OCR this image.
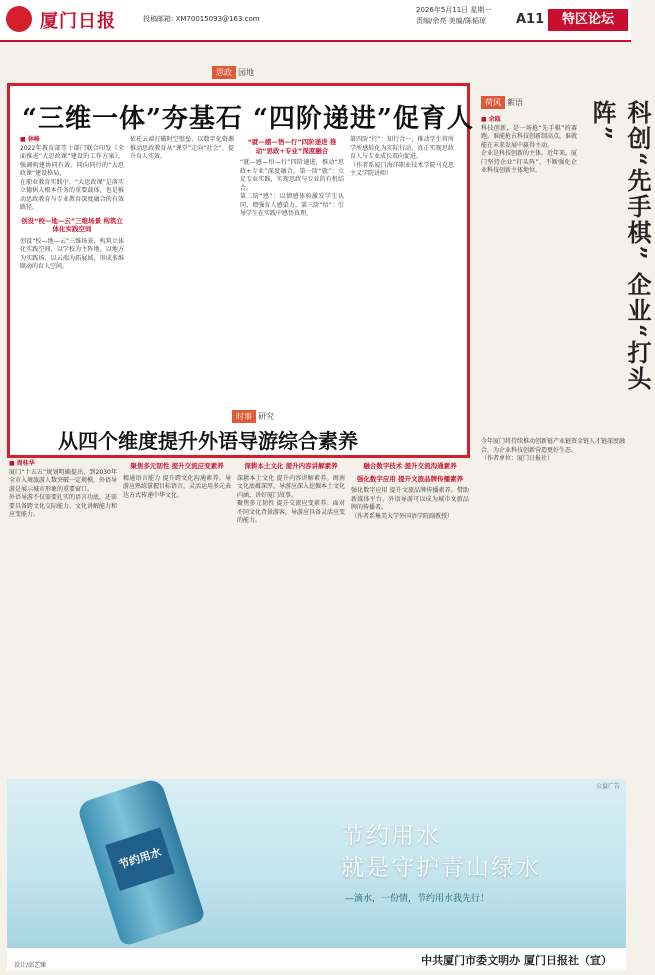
厦门日报	投稿邮箱: XM70015093@163.com
2026年5月11日 星期一
责编/余亮 美编/陈韬琼	A11	特区论坛
思政 园地
“三维一体”夯基石 “四阶递进”促育人
■ 林峰
2022年教育部等十部门联合印发《全面推进“大思政课”建设的工作方案》，强调构建协同有效、同向同行的“大思政课”建设格局。
在职业教育实践中，“大思政课”是落实立德树人根本任务的重要载体，也是推动思政教育与专业教育深度融合的有效路径。
创设“校—地—云”三维场景 构筑立体化实践空间
创设“校—地—云”三维场景，构筑立体化实践空间。以学校为主阵地、以地方为实践场、以云端为拓展域，形成多维联动的育人空间。
依托云端打破时空壁垒，以数字化资源推动思政教育从“课堂”走向“社会”，提升育人实效。
“就—感—悟—行”四阶递进 推动“思政+专业”深度融合
“就—感—悟—行”四阶递进，推动“思政+专业”深度融合。第一阶“就”：立足专业实践，实现思政与专业的有机结合。
第二阶“感”：以情感体验激发学生认同，增强育人感染力。第三阶“悟”：引导学生在实践中感悟真理。
第四阶“行”：知行合一，推动学生将所学所感转化为实际行动，真正实现思政育人与专业成长双向促进。
（作者系厦门海洋职业技术学院马克思主义学院讲师）
荷风 絮语	科创“先手棋” 企业“打头阵”
■ 余瓯
科技创新，是一场抢“先手棋”的赛跑。谁能抢占科技创新制高点，谁就能在未来发展中赢得主动。
企业是科技创新的主体。近年来，厦门坚持企业“打头阵”，不断强化企业科技创新主体地位。
今年厦门将持续推动创新链产业链资金链人才链深度融合，为企业科技创新营造更好生态。
（作者单位：厦门日报社）
时事 研究
从四个维度提升外语导游综合素养
■ 周桂华
厦门“十五五”规划明确提出，到2030年全市入境旅游人数突破一定规模，外语导游是展示城市形象的重要窗口。
外语导游不仅需要扎实的语言功底，还需要具备跨文化交际能力、文化讲解能力和应变能力。
聚焦多元韧性 提升交流应变素养
精通语言能力 提升跨文化沟通素养。导游应熟练掌握目标语言，灵活运用多元表达方式传递中华文化。
深耕本土文化 提升内容讲解素养
深耕本土文化 提升内容讲解素养。闽南文化底蕴深厚，导游应深入挖掘本土文化内涵，讲好厦门故事。
聚焦多元韧性 提升交流应变素养。面对不同文化背景游客，导游应具备灵活应变的能力。
融合数字技术 提升交流沟通素养
强化数字应用 提升文旅品牌传播素养
强化数字应用 提升文旅品牌传播素养。借助新媒体平台，外语导游可以成为城市文旅品牌的传播者。
（作者系集美大学外国语学院副教授）
公益广告
节约用水
节约用水
就是守护青山绿水
—滴水，一份情，节约用水我先行！
中共厦门市委文明办 厦门日报社（宣）
设计/邱艺臻
